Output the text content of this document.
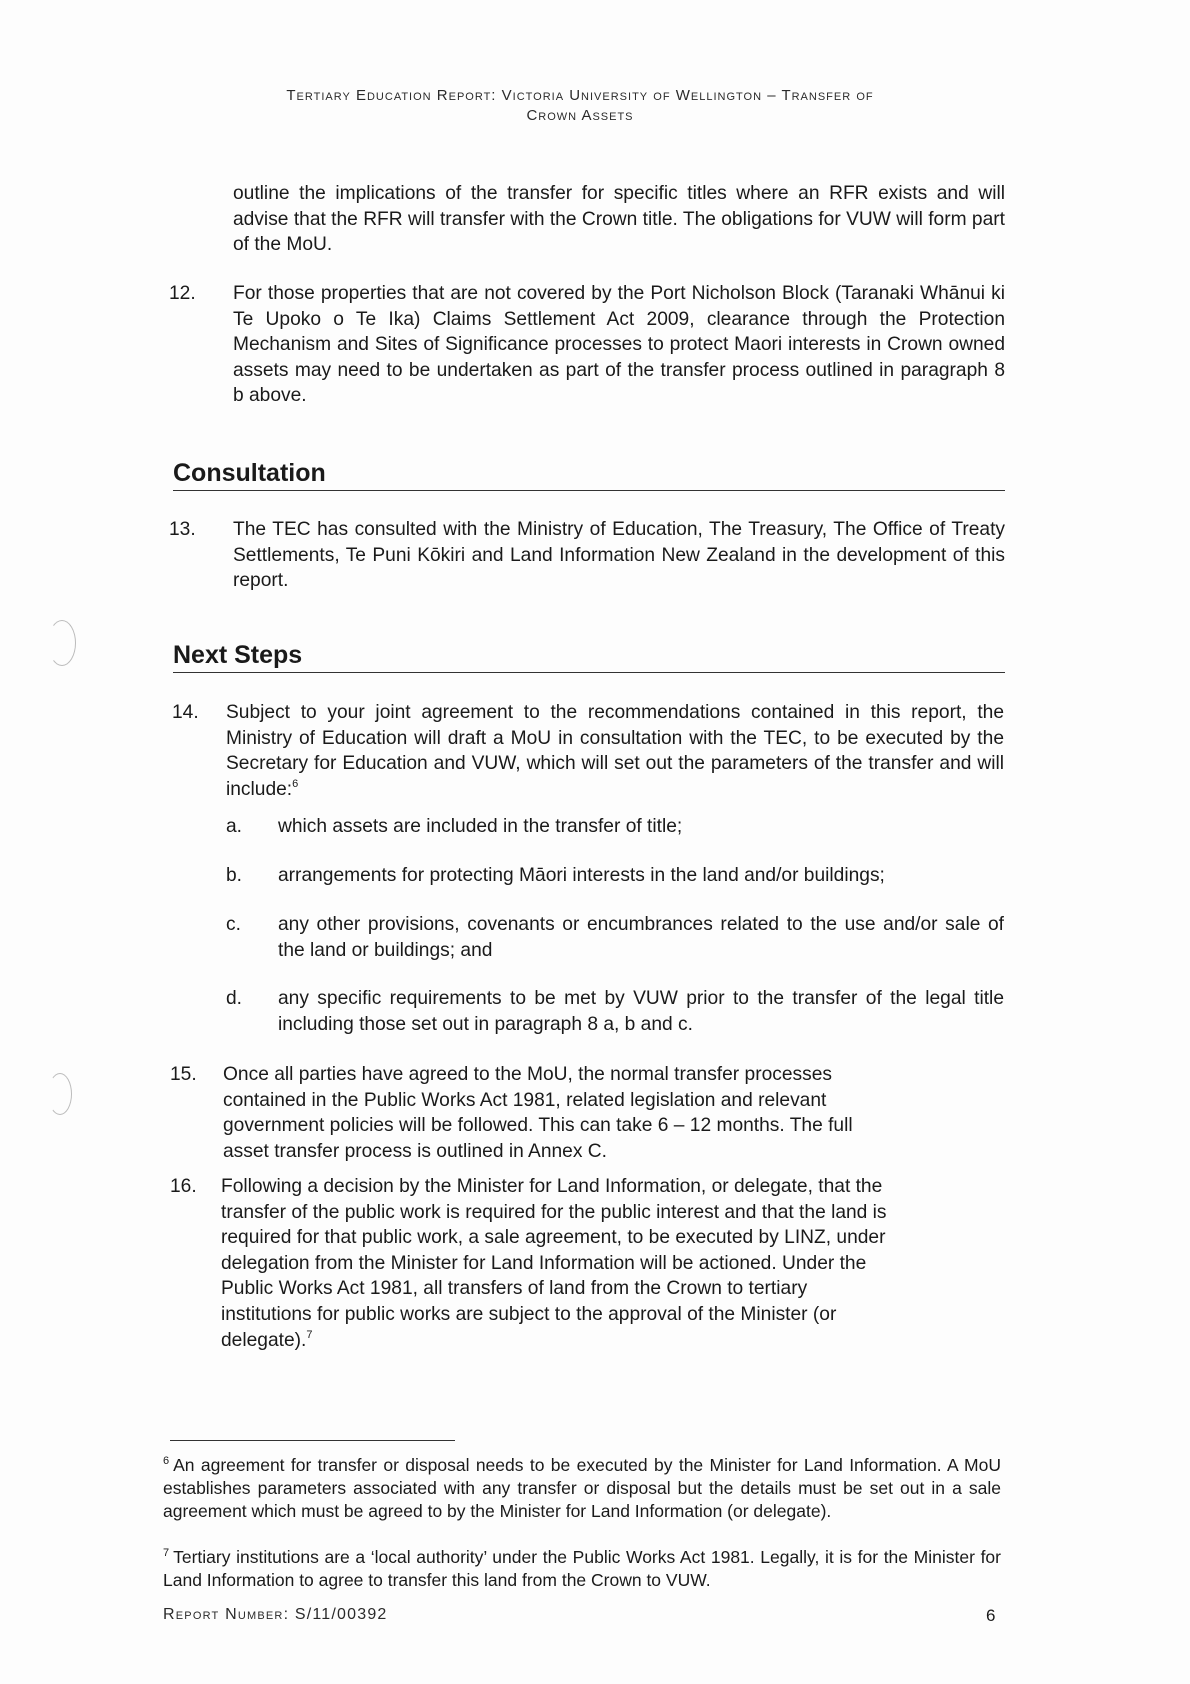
Tertiary Education Report: Victoria University of Wellington – Transfer of
Crown Assets
outline the implications of the transfer for specific titles where an RFR exists and will advise that the RFR will transfer with the Crown title. The obligations for VUW will form part of the MoU.
12. For those properties that are not covered by the Port Nicholson Block (Taranaki Whānui ki Te Upoko o Te Ika) Claims Settlement Act 2009, clearance through the Protection Mechanism and Sites of Significance processes to protect Maori interests in Crown owned assets may need to be undertaken as part of the transfer process outlined in paragraph 8 b above.
Consultation
13. The TEC has consulted with the Ministry of Education, The Treasury, The Office of Treaty Settlements, Te Puni Kōkiri and Land Information New Zealand in the development of this report.
Next Steps
14. Subject to your joint agreement to the recommendations contained in this report, the Ministry of Education will draft a MoU in consultation with the TEC, to be executed by the Secretary for Education and VUW, which will set out the parameters of the transfer and will include:$^6$
a. which assets are included in the transfer of title;
b. arrangements for protecting Māori interests in the land and/or buildings;
c. any other provisions, covenants or encumbrances related to the use and/or sale of the land or buildings; and
d. any specific requirements to be met by VUW prior to the transfer of the legal title including those set out in paragraph 8 a, b and c.
15. Once all parties have agreed to the MoU, the normal transfer processes
contained in the Public Works Act 1981, related legislation and relevant
government policies will be followed. This can take 6 – 12 months. The full
asset transfer process is outlined in Annex C.
16. Following a decision by the Minister for Land Information, or delegate, that the
transfer of the public work is required for the public interest and that the land is
required for that public work, a sale agreement, to be executed by LINZ, under
delegation from the Minister for Land Information will be actioned. Under the
Public Works Act 1981, all transfers of land from the Crown to tertiary
institutions for public works are subject to the approval of the Minister (or
delegate).$^7$
$^6$ An agreement for transfer or disposal needs to be executed by the Minister for Land Information. A MoU establishes parameters associated with any transfer or disposal but the details must be set out in a sale agreement which must be agreed to by the Minister for Land Information (or delegate).
$^7$ Tertiary institutions are a ‘local authority’ under the Public Works Act 1981. Legally, it is for the Minister for Land Information to agree to transfer this land from the Crown to VUW.
Report Number: S/11/00392	6
